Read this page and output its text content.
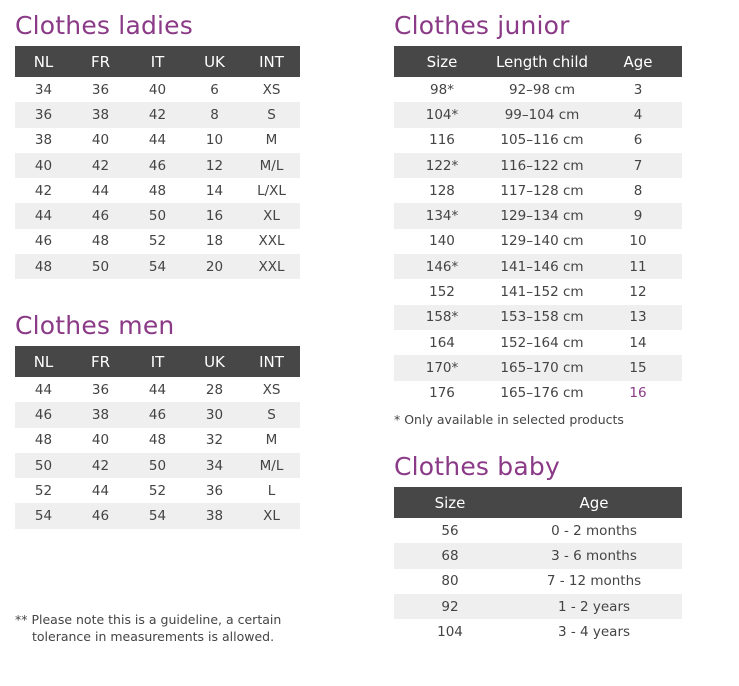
Clothes ladies
NL	FR	IT	UK	INT
34	36	40	6	XS
36	38	42	8	S
38	40	44	10	M
40	42	46	12	M/L
42	44	48	14	L/XL
44	46	50	16	XL
46	48	52	18	XXL
48	50	54	20	XXL
Clothes men
NL	FR	IT	UK	INT
44	36	44	28	XS
46	38	46	30	S
48	40	48	32	M
50	42	50	34	M/L
52	44	52	36	L
54	46	54	38	XL
Clothes junior
Size	Length child	Age
98*	92–98 cm	3
104*	99–104 cm	4
116	105–116 cm	6
122*	116–122 cm	7
128	117–128 cm	8
134*	129–134 cm	9
140	129–140 cm	10
146*	141–146 cm	11
152	141–152 cm	12
158*	153–158 cm	13
164	152–164 cm	14
170*	165–170 cm	15
176	165–176 cm	16
* Only available in selected products
Clothes baby
Size	Age
56	0 - 2 months
68	3 - 6 months
80	7 - 12 months
92	1 - 2 years
104	3 - 4 years
** Please note this is a guideline, a certain
tolerance in measurements is allowed.
